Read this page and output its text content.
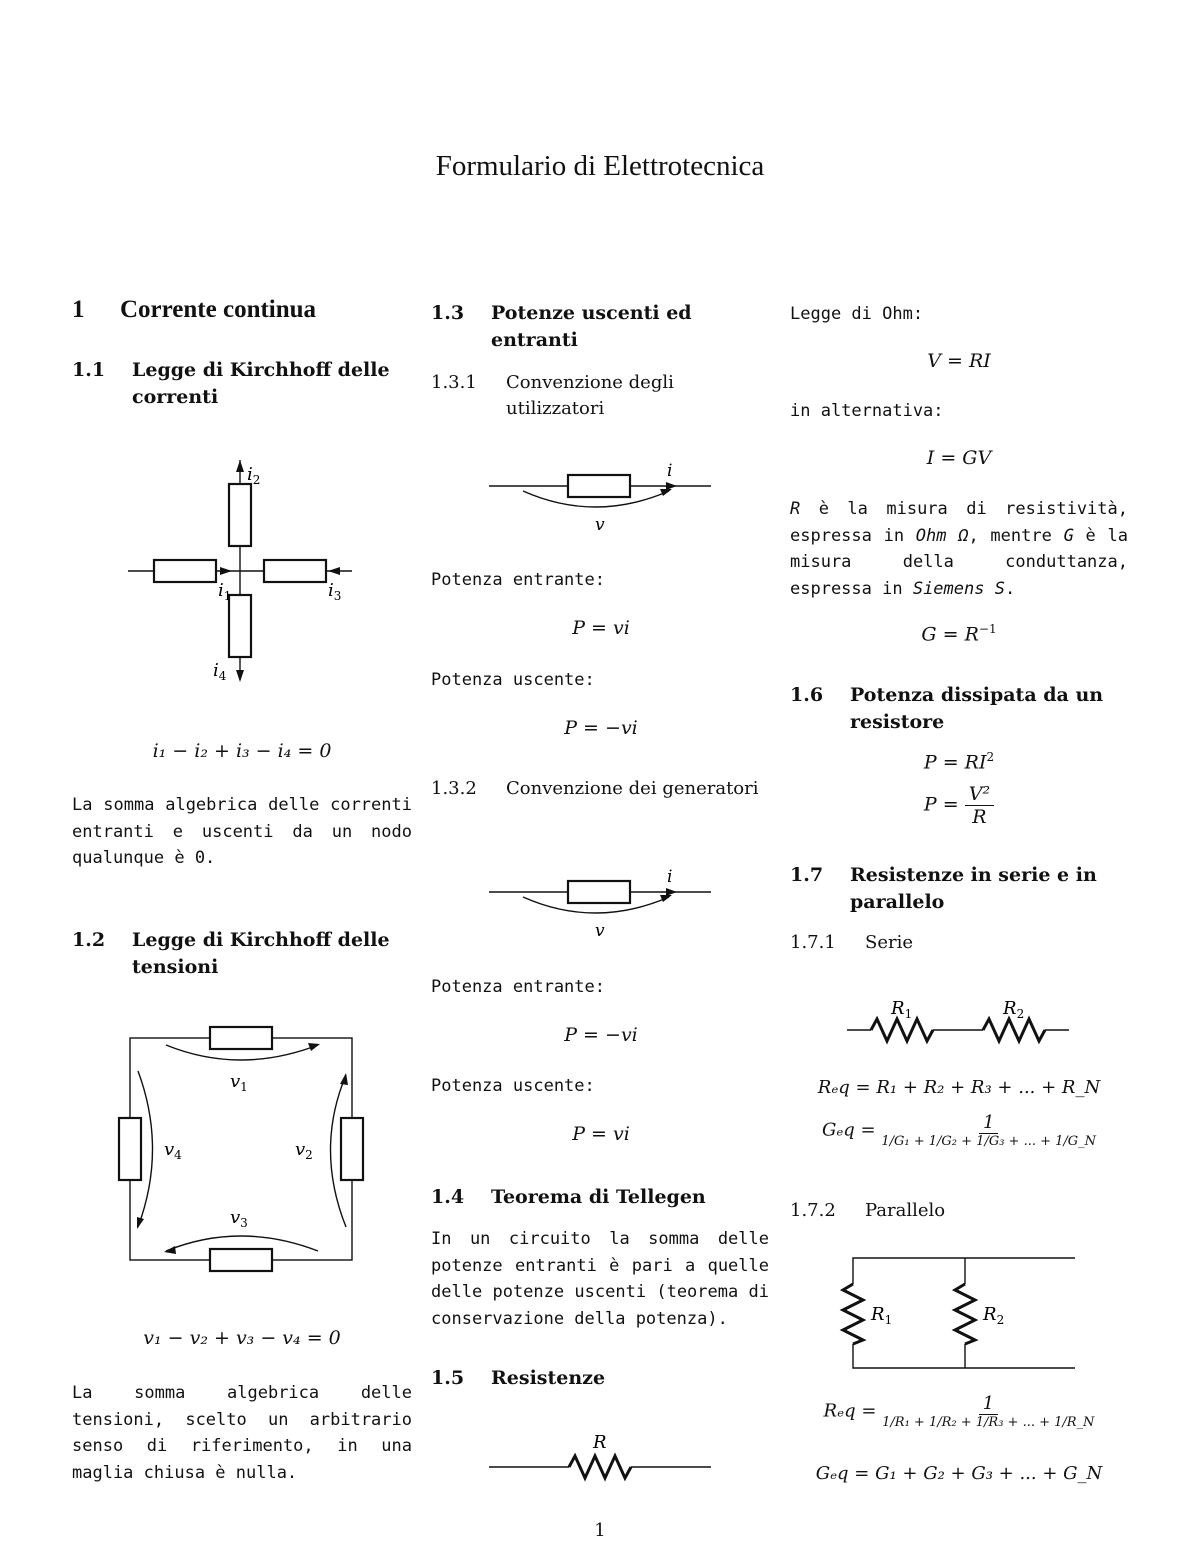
Formulario di Elettrotecnica
1	Corrente continua
1.1	Legge di Kirchhoff delle correnti
$i_2$
$i_1$	$i_3$
$i_4$
i₁ − i₂ + i₃ − i₄ = 0
La somma algebrica delle correnti entranti e uscenti da un nodo qualunque è 0.
1.2	Legge di Kirchhoff delle tensioni
$v_1$
$v_2$
$v_3$
$v_4$
v₁ − v₂ + v₃ − v₄ = 0
La somma algebrica delle tensioni, scelto un arbitrario senso di riferimento, in una maglia chiusa è nulla.
1.3	Potenze uscenti ed entranti
1.3.1	Convenzione degli utilizzatori
i
v
Potenza entrante:
P = vi
Potenza uscente:
P = −vi
1.3.2	Convenzione dei generatori
i
v
Potenza entrante:
P = −vi
Potenza uscente:
P = vi
1.4	Teorema di Tellegen
In un circuito la somma delle potenze entranti è pari a quelle delle potenze uscenti (teorema di conservazione della potenza).
1.5	Resistenze
R
Legge di Ohm:
V = RI
in alternativa:
I = GV
R è la misura di resistività, espressa in Ohm Ω, mentre G è la misura della conduttanza, espressa in Siemens S.
$G = R^{-1}$
1.6	Potenza dissipata da un resistore
$P = RI^2$
$P = \frac{\text{V²}}{R}$
1.7	Resistenze in serie e in parallelo
1.7.1	Serie
$R_1$	$R_2$
Rₑq = R₁ + R₂ + R₃ + ... + R_N
$G_eq = \frac{1}{\text{1/G₁ + 1/G₂ + 1/G₃ + ... + 1/G\_N}}$
1.7.2	Parallelo
$R_1$	$R_2$
$R_eq = \frac{1}{\text{1/R₁ + 1/R₂ + 1/R₃ + ... + 1/R\_N}}$
Gₑq = G₁ + G₂ + G₃ + ... + G_N
1
